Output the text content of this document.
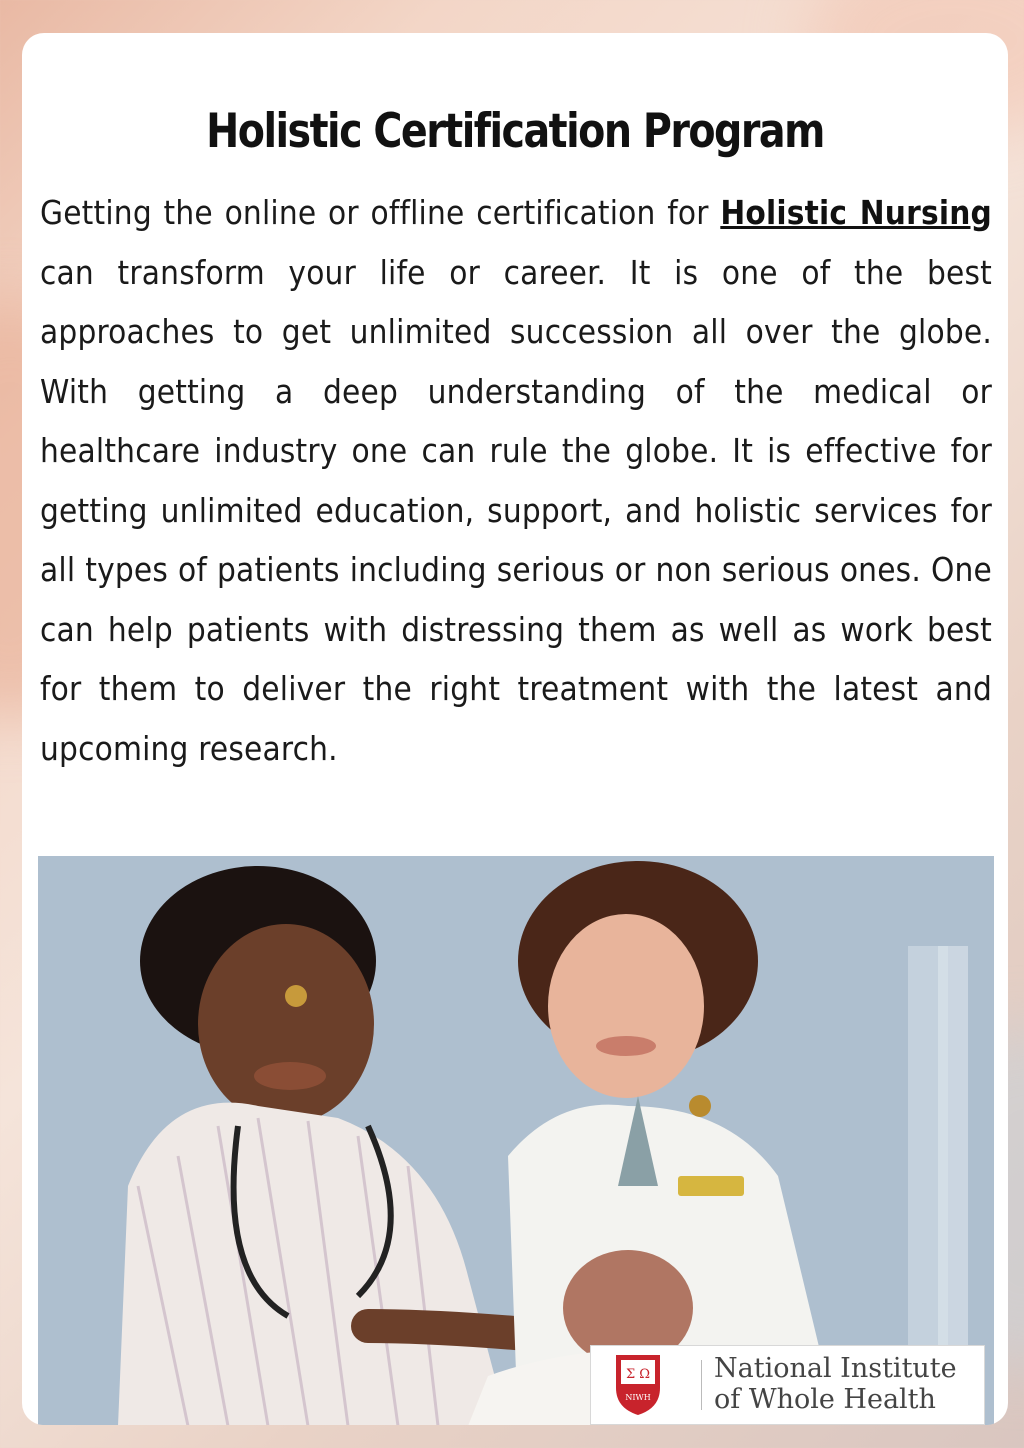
Holistic Certification Program

Getting the online or offline certification for Holistic Nursing can transform your life or career. It is one of the best approaches to get unlimited succession all over the globe. With getting a deep understanding of the medical or healthcare industry one can rule the globe. It is effective for getting unlimited education, support, and holistic services for all types of patients including serious or non serious ones. One can help patients with distressing them as well as work best for them to deliver the right treatment with the latest and upcoming research.

Σ Ω
NIWH
National Institute
of Whole Health
